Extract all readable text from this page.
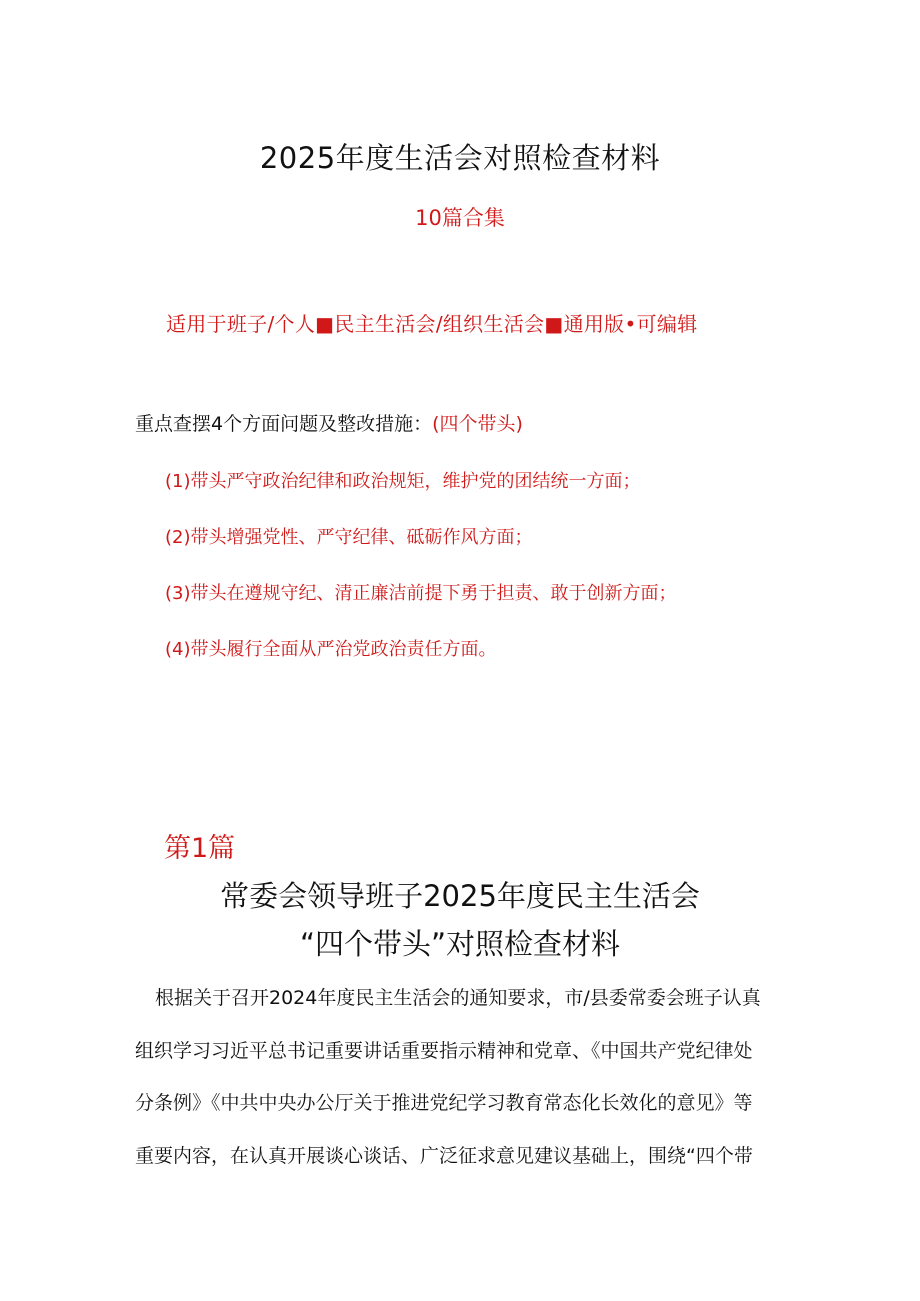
2025年度生活会对照检查材料
10篇合集
适用于班子/个人■民主生活会/组织生活会■通用版•可编辑
重点查摆4个方面问题及整改措施：(四个带头)
(1)带头严守政治纪律和政治规矩，维护党的团结统一方面；
(2)带头增强党性、严守纪律、砥砺作风方面；
(3)带头在遵规守纪、清正廉洁前提下勇于担责、敢于创新方面；
(4)带头履行全面从严治党政治责任方面。
第1篇
常委会领导班子2025年度民主生活会
“四个带头”对照检查材料

根据关于召开2024年度民主生活会的通知要求，市/县委常委会班子认真

组织学习习近平总书记重要讲话重要指示精神和党章、《中国共产党纪律处

分条例》《中共中央办公厅关于推进党纪学习教育常态化长效化的意见》等

重要内容，在认真开展谈心谈话、广泛征求意见建议基础上，围绕“四个带
